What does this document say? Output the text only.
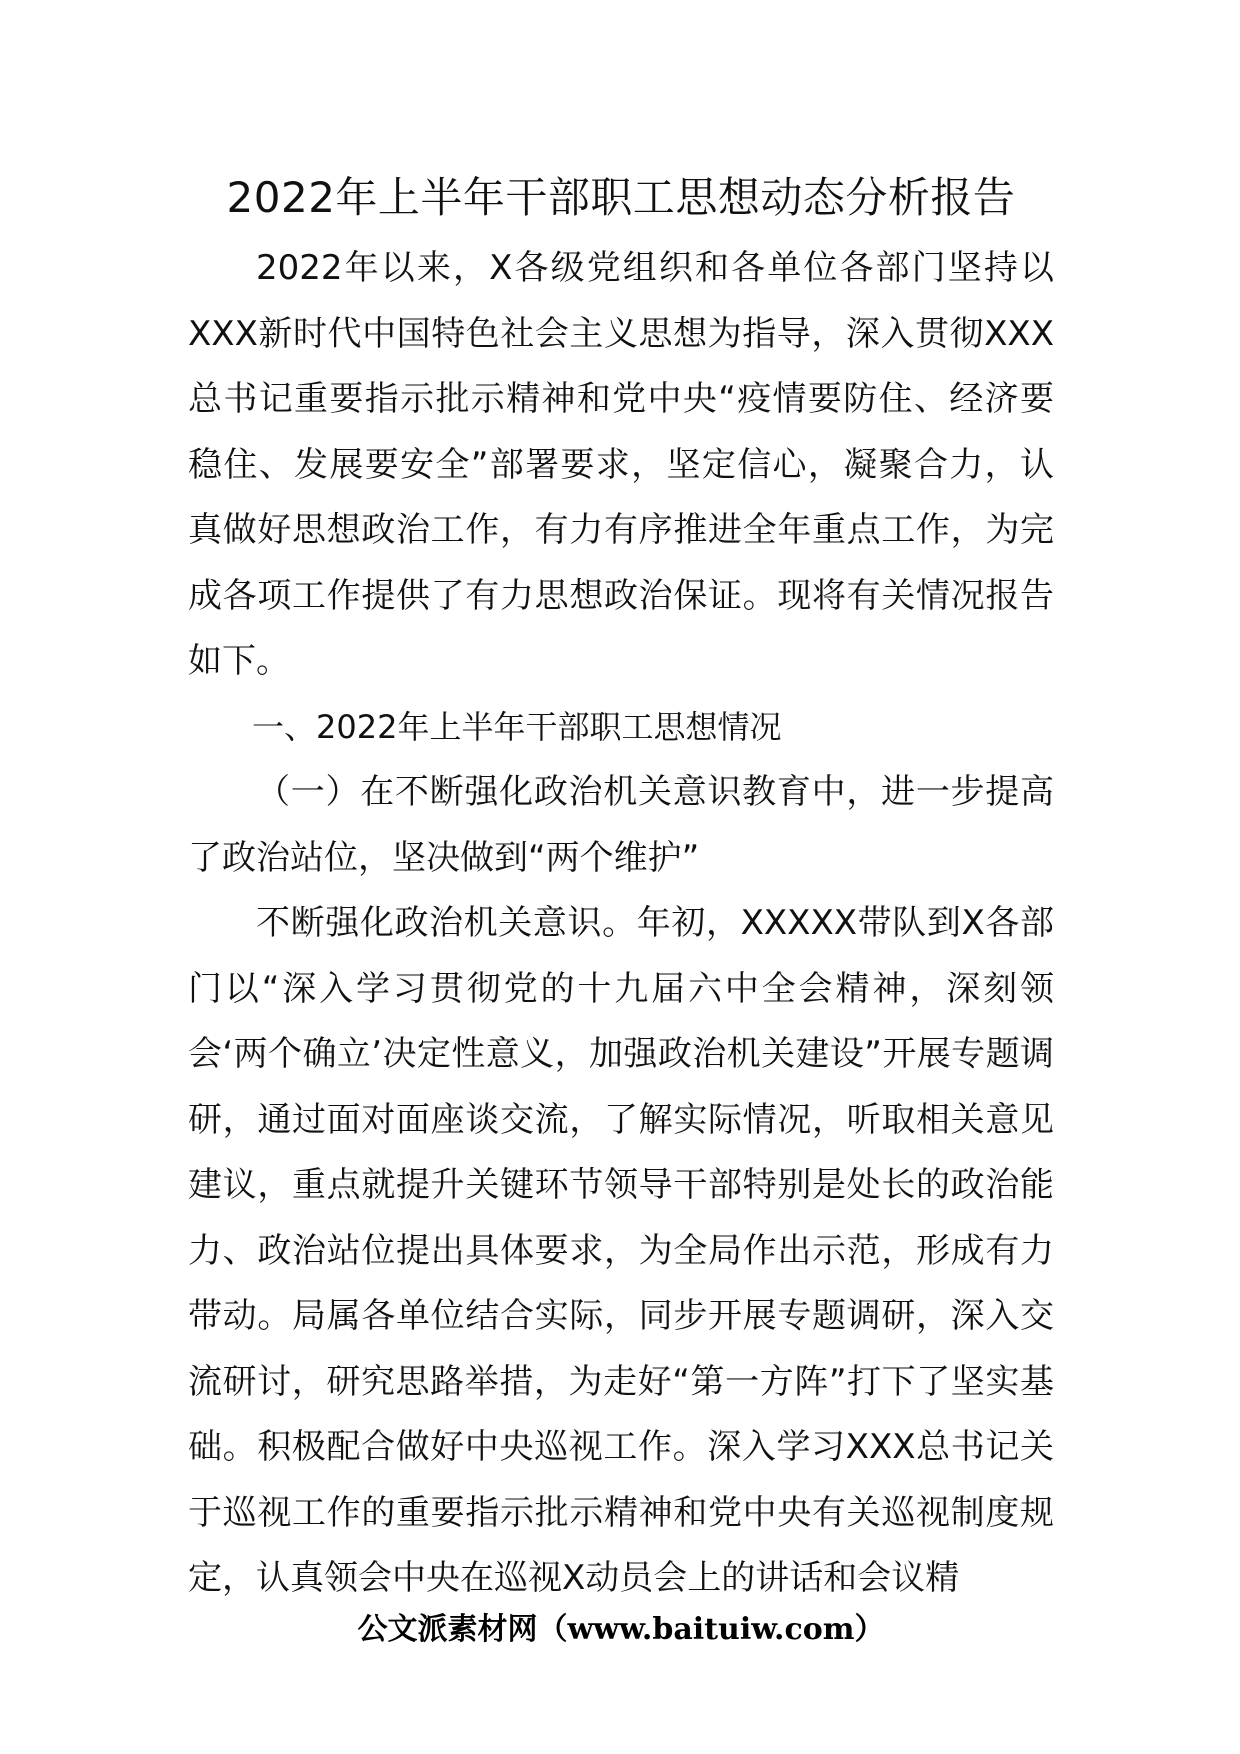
2022年上半年干部职工思想动态分析报告

2022年以来，X各级党组织和各单位各部门坚持以XXX新时代中国特色社会主义思想为指导，深入贯彻XXX总书记重要指示批示精神和党中央“疫情要防住、经济要稳住、发展要安全”部署要求，坚定信心，凝聚合力，认真做好思想政治工作，有力有序推进全年重点工作，为完成各项工作提供了有力思想政治保证。现将有关情况报告如下。

一、2022年上半年干部职工思想情况

（一）在不断强化政治机关意识教育中，进一步提高了政治站位，坚决做到“两个维护”

不断强化政治机关意识。年初，XXXXX带队到X各部门以“深入学习贯彻党的十九届六中全会精神，深刻领会‘两个确立’决定性意义，加强政治机关建设”开展专题调研，通过面对面座谈交流，了解实际情况，听取相关意见建议，重点就提升关键环节领导干部特别是处长的政治能力、政治站位提出具体要求，为全局作出示范，形成有力带动。局属各单位结合实际，同步开展专题调研，深入交流研讨，研究思路举措，为走好“第一方阵”打下了坚实基础。积极配合做好中央巡视工作。深入学习XXX总书记关于巡视工作的重要指示批示精神和党中央有关巡视制度规定，认真领会中央在巡视X动员会上的讲话和会议精

公文派素材网（www.baituiw.com）
